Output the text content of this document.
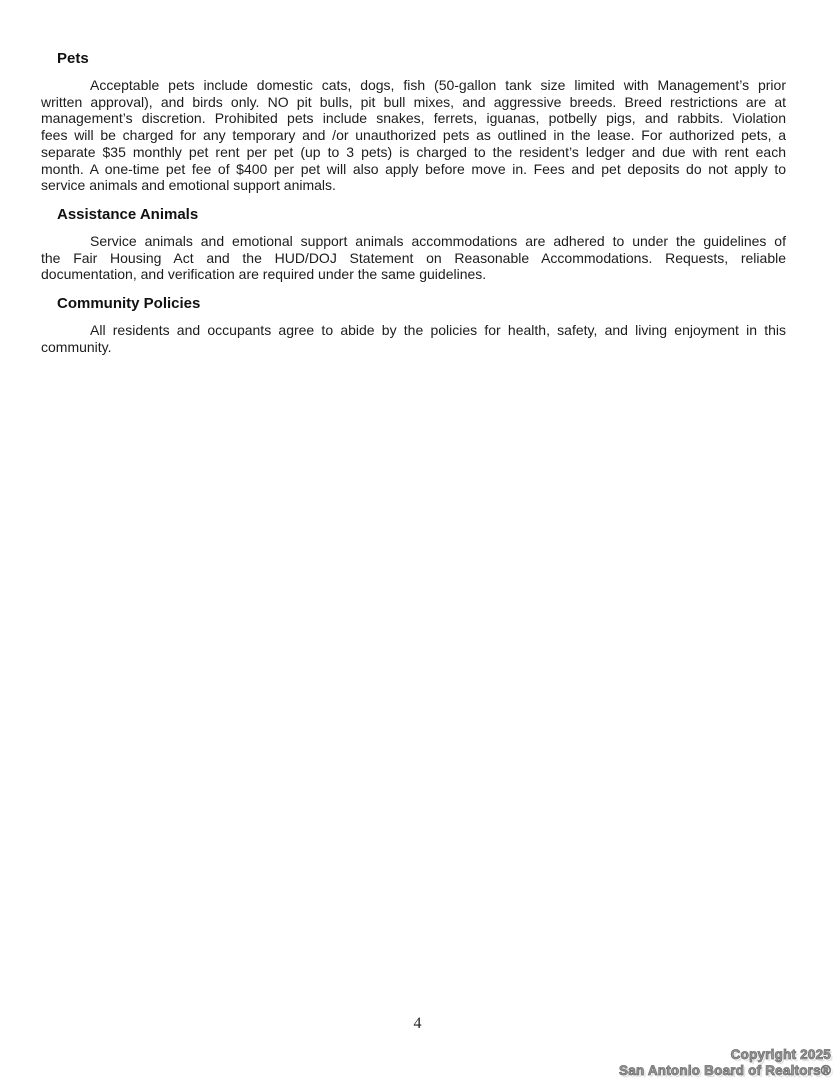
Pets
Acceptable pets include domestic cats, dogs, fish (50-gallon tank size limited with Management’s prior
written approval), and birds only. NO pit bulls, pit bull mixes, and aggressive breeds. Breed restrictions are at
management’s discretion. Prohibited pets include snakes, ferrets, iguanas, potbelly pigs, and rabbits. Violation
fees will be charged for any temporary and /or unauthorized pets as outlined in the lease. For authorized pets, a
separate $35 monthly pet rent per pet (up to 3 pets) is charged to the resident’s ledger and due with rent each
month. A one-time pet fee of $400 per pet will also apply before move in. Fees and pet deposits do not apply to
service animals and emotional support animals.
Assistance Animals
Service animals and emotional support animals accommodations are adhered to under the guidelines of
the Fair Housing Act and the HUD/DOJ Statement on Reasonable Accommodations. Requests, reliable
documentation, and verification are required under the same guidelines.
Community Policies
All residents and occupants agree to abide by the policies for health, safety, and living enjoyment in this
community.
4
Copyright 2025
San Antonio Board of Realtors®
